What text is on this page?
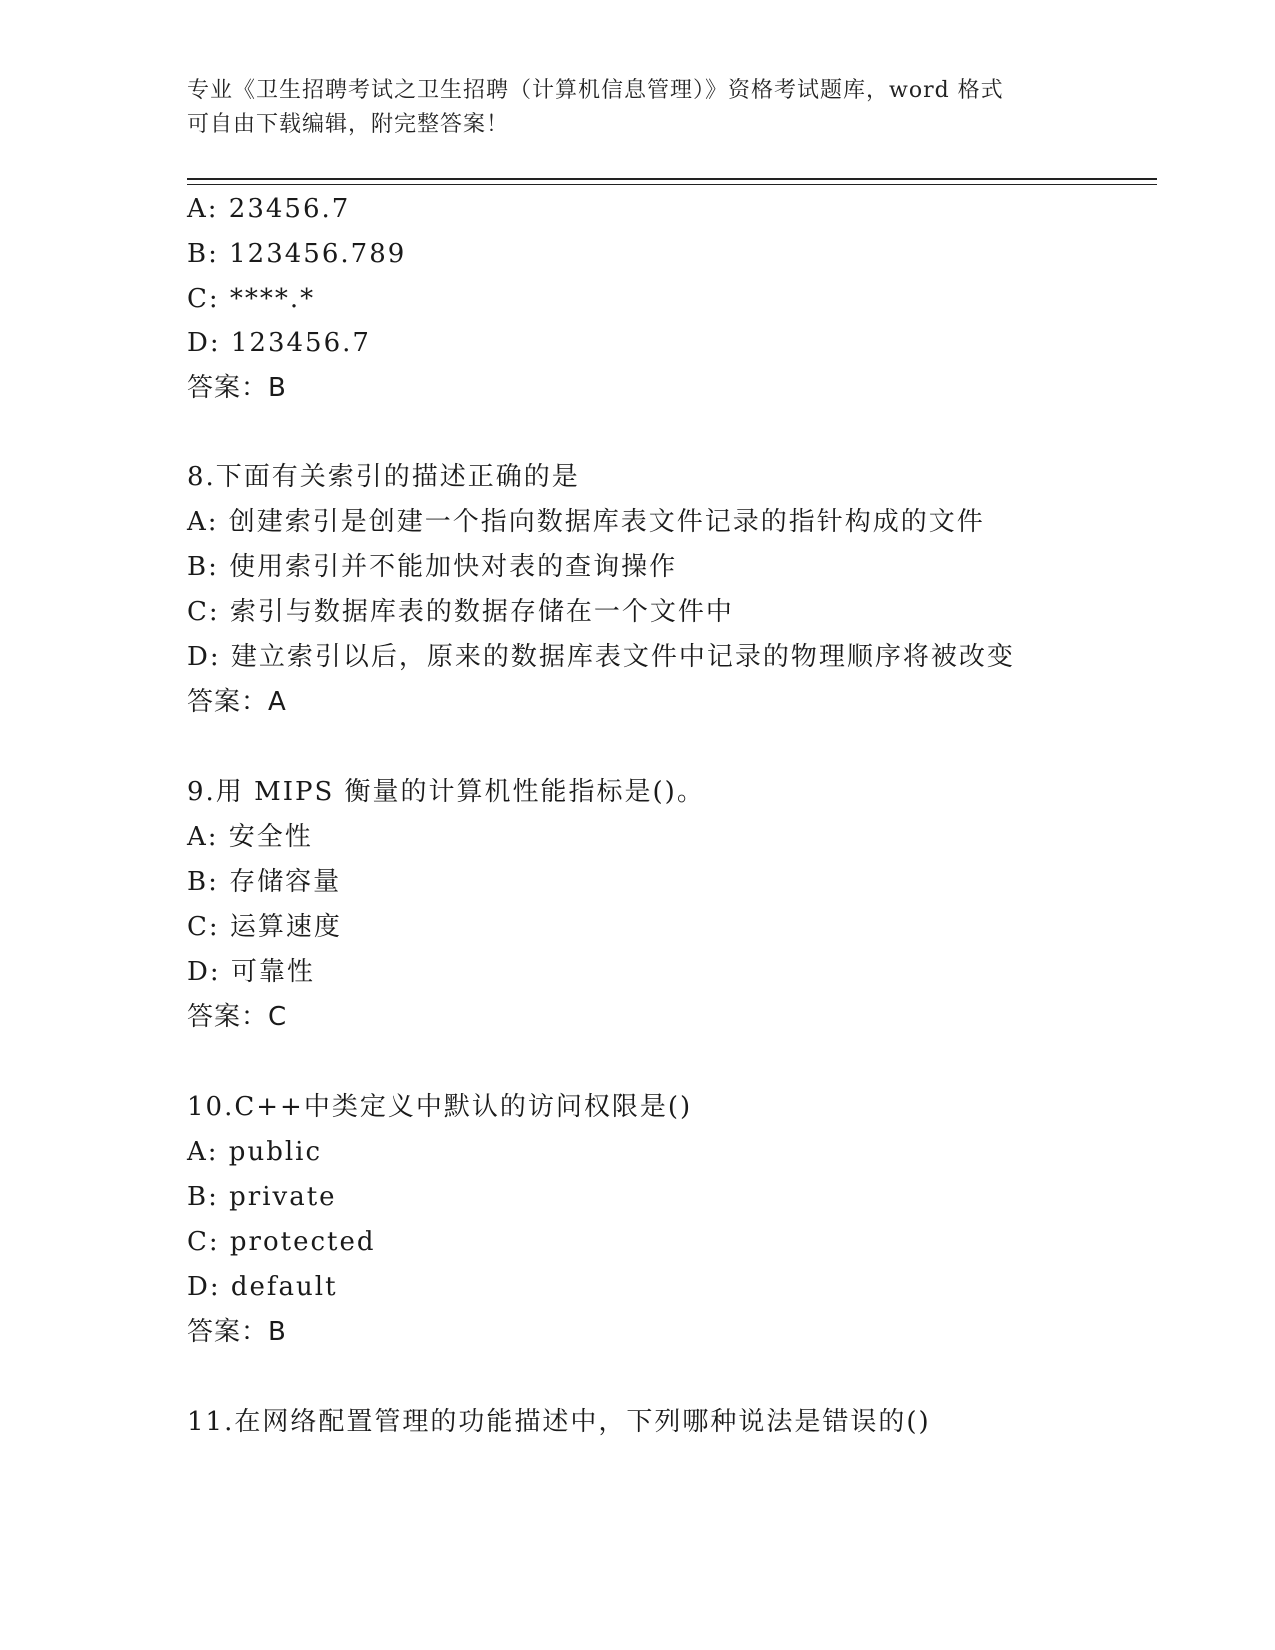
专业《卫生招聘考试之卫生招聘（计算机信息管理）》资格考试题库，word 格式
可自由下载编辑，附完整答案！
A: 23456.7
B: 123456.789
C: ****.*
D: 123456.7
答案：B
8.下面有关索引的描述正确的是
A: 创建索引是创建一个指向数据库表文件记录的指针构成的文件
B: 使用索引并不能加快对表的查询操作
C: 索引与数据库表的数据存储在一个文件中
D: 建立索引以后，原来的数据库表文件中记录的物理顺序将被改变
答案：A
9.用 MIPS 衡量的计算机性能指标是()。
A: 安全性
B: 存储容量
C: 运算速度
D: 可靠性
答案：C
10.C++中类定义中默认的访问权限是()
A: public
B: private
C: protected
D: default
答案：B
11.在网络配置管理的功能描述中，下列哪种说法是错误的()
